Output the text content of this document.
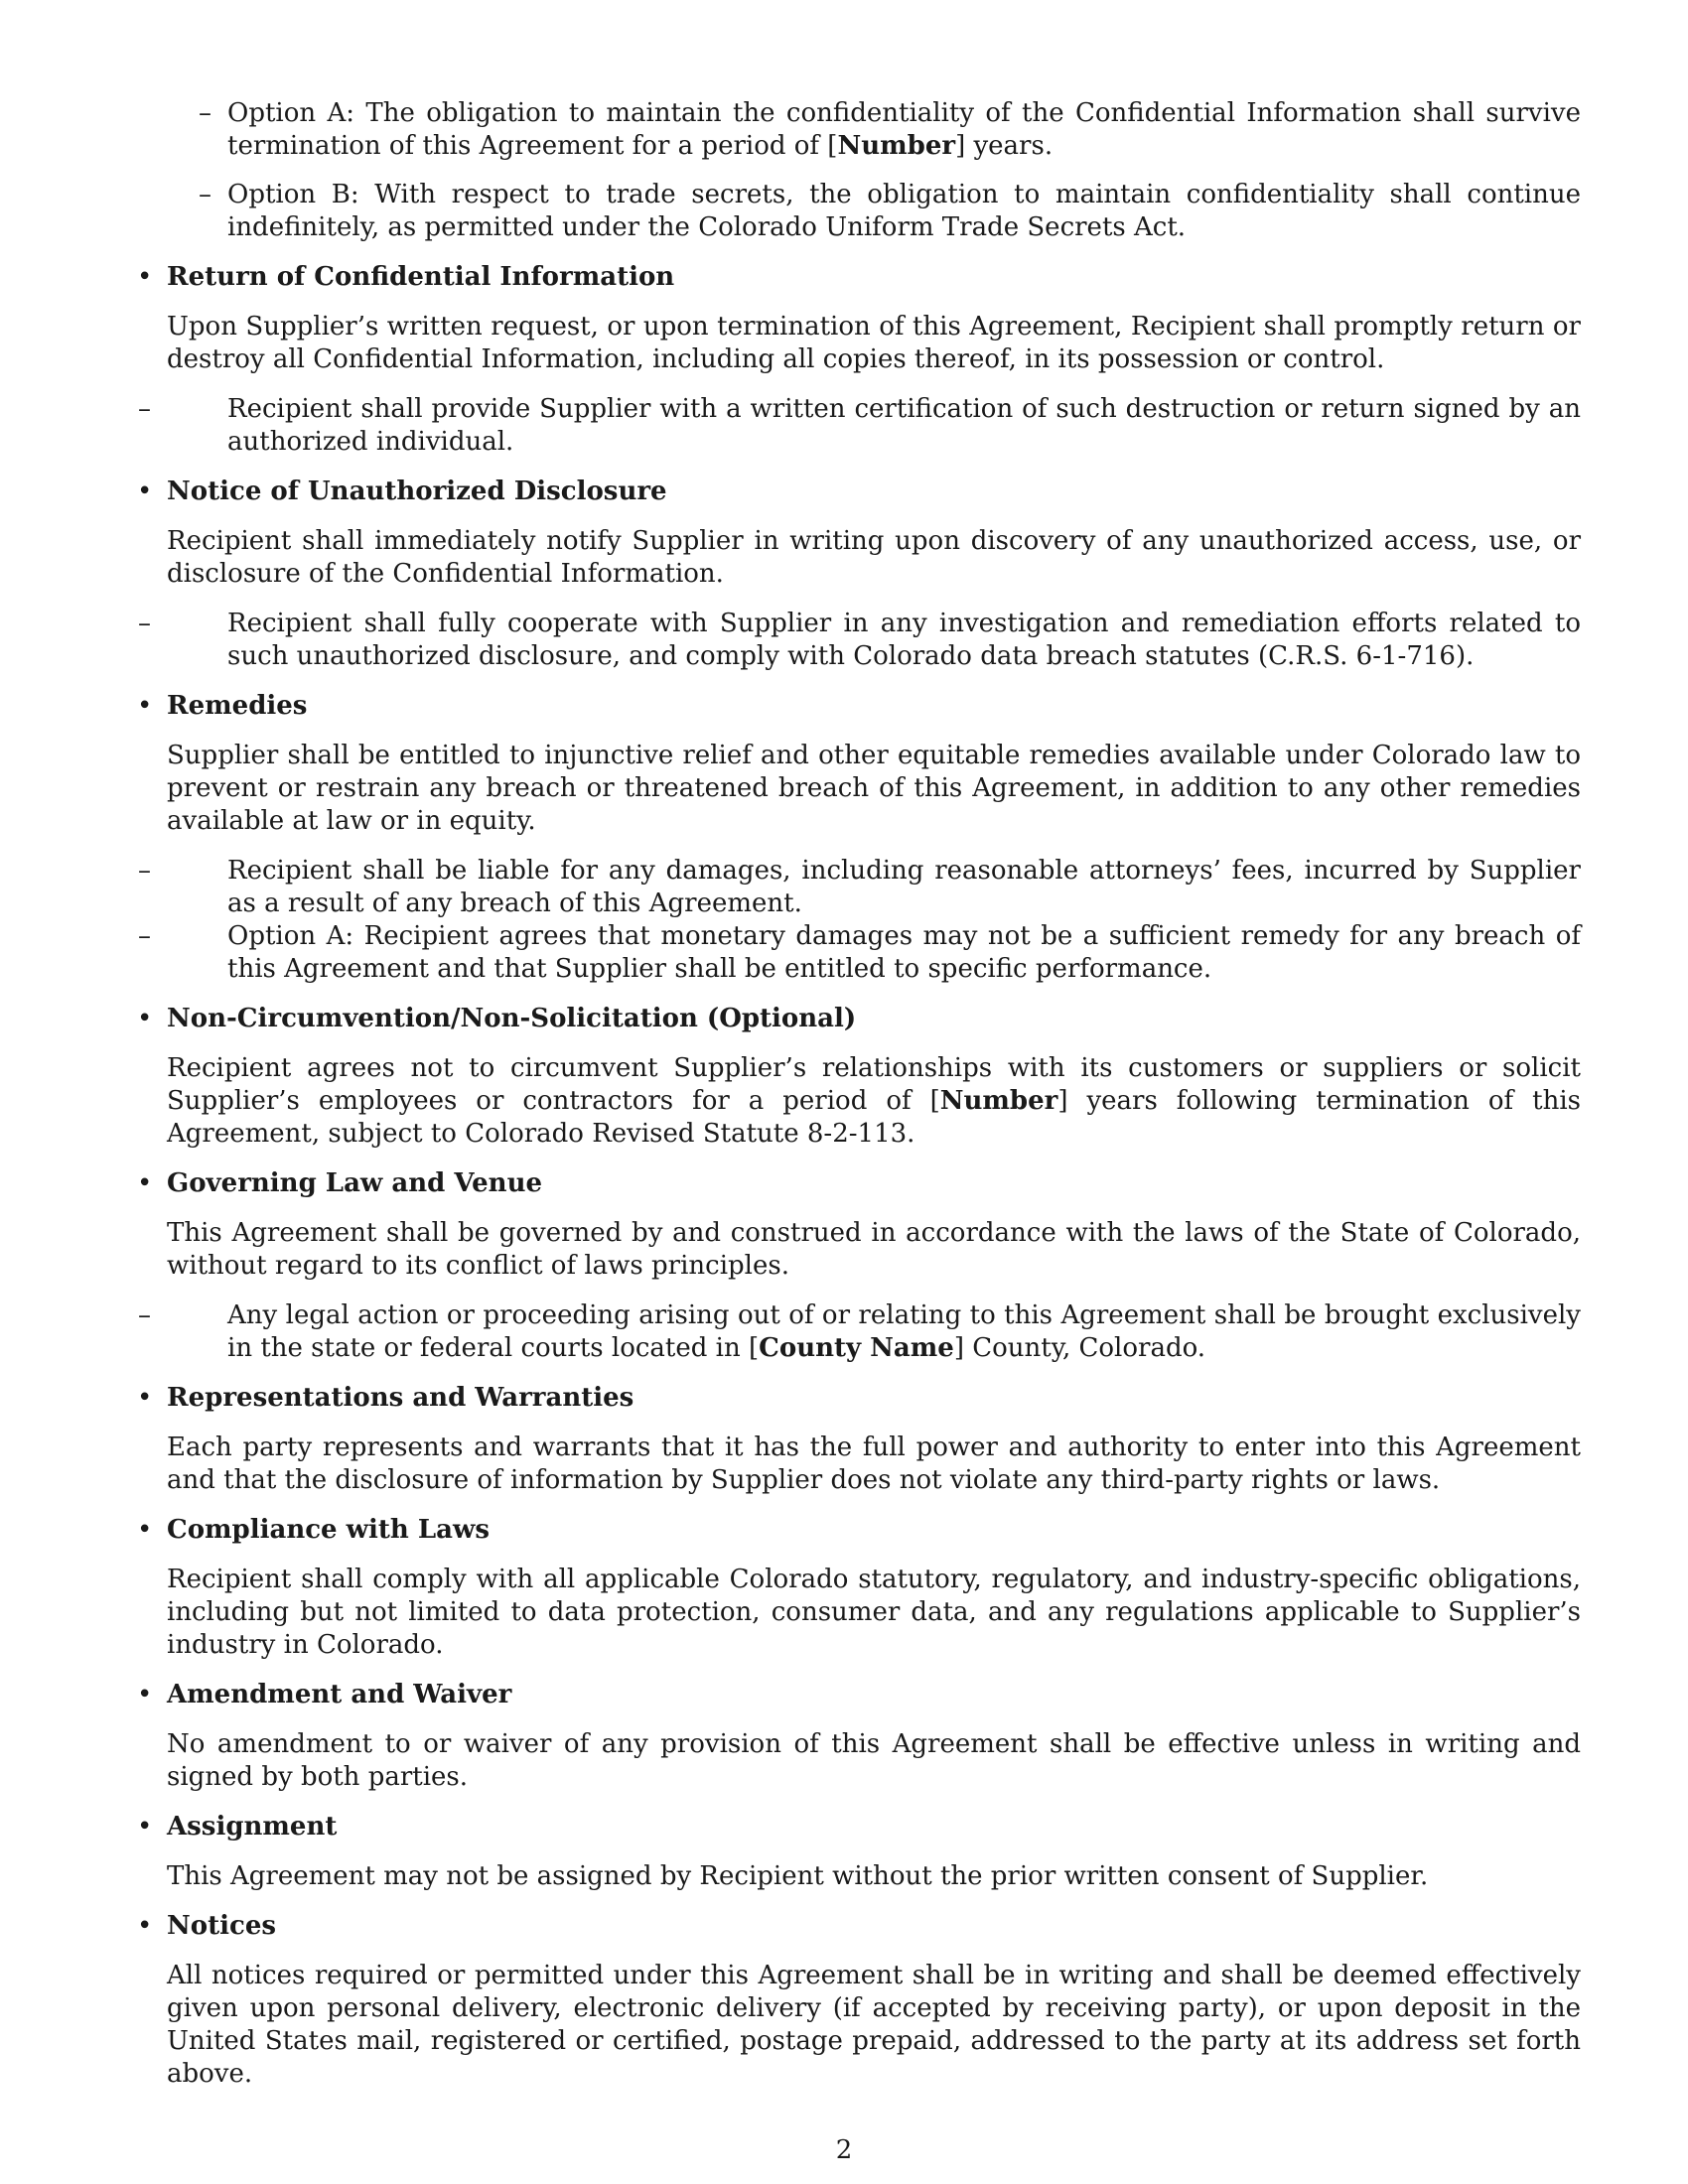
– Option A: The obligation to maintain the confidentiality of the Confidential Information shall survive termination of this Agreement for a period of [Number] years.

– Option B: With respect to trade secrets, the obligation to maintain confidentiality shall continue indefinitely, as permitted under the Colorado Uniform Trade Secrets Act.

• Return of Confidential Information

Upon Supplier’s written request, or upon termination of this Agreement, Recipient shall promptly return or destroy all Confidential Information, including all copies thereof, in its possession or control.

–	Recipient shall provide Supplier with a written certification of such destruction or return signed by an authorized individual.

• Notice of Unauthorized Disclosure

Recipient shall immediately notify Supplier in writing upon discovery of any unauthorized access, use, or disclosure of the Confidential Information.

–	Recipient shall fully cooperate with Supplier in any investigation and remediation efforts related to such unauthorized disclosure, and comply with Colorado data breach statutes (C.R.S. 6-1-716).

• Remedies

Supplier shall be entitled to injunctive relief and other equitable remedies available under Colorado law to prevent or restrain any breach or threatened breach of this Agreement, in addition to any other remedies available at law or in equity.

–	Recipient shall be liable for any damages, including reasonable attorneys’ fees, incurred by Supplier as a result of any breach of this Agreement.

–	Option A: Recipient agrees that monetary damages may not be a sufficient remedy for any breach of this Agreement and that Supplier shall be entitled to specific performance.

• Non-Circumvention/Non-Solicitation (Optional)

Recipient agrees not to circumvent Supplier’s relationships with its customers or suppliers or solicit Supplier’s employees or contractors for a period of [Number] years following termination of this Agreement, subject to Colorado Revised Statute 8-2-113.

• Governing Law and Venue

This Agreement shall be governed by and construed in accordance with the laws of the State of Colorado, without regard to its conflict of laws principles.

–	Any legal action or proceeding arising out of or relating to this Agreement shall be brought exclusively in the state or federal courts located in [County Name] County, Colorado.

• Representations and Warranties

Each party represents and warrants that it has the full power and authority to enter into this Agreement and that the disclosure of information by Supplier does not violate any third-party rights or laws.

• Compliance with Laws

Recipient shall comply with all applicable Colorado statutory, regulatory, and industry-specific obligations, including but not limited to data protection, consumer data, and any regulations applicable to Supplier’s industry in Colorado.

• Amendment and Waiver

No amendment to or waiver of any provision of this Agreement shall be effective unless in writing and signed by both parties.

• Assignment

This Agreement may not be assigned by Recipient without the prior written consent of Supplier.

• Notices

All notices required or permitted under this Agreement shall be in writing and shall be deemed effectively given upon personal delivery, electronic delivery (if accepted by receiving party), or upon deposit in the United States mail, registered or certified, postage prepaid, addressed to the party at its address set forth above.

2
